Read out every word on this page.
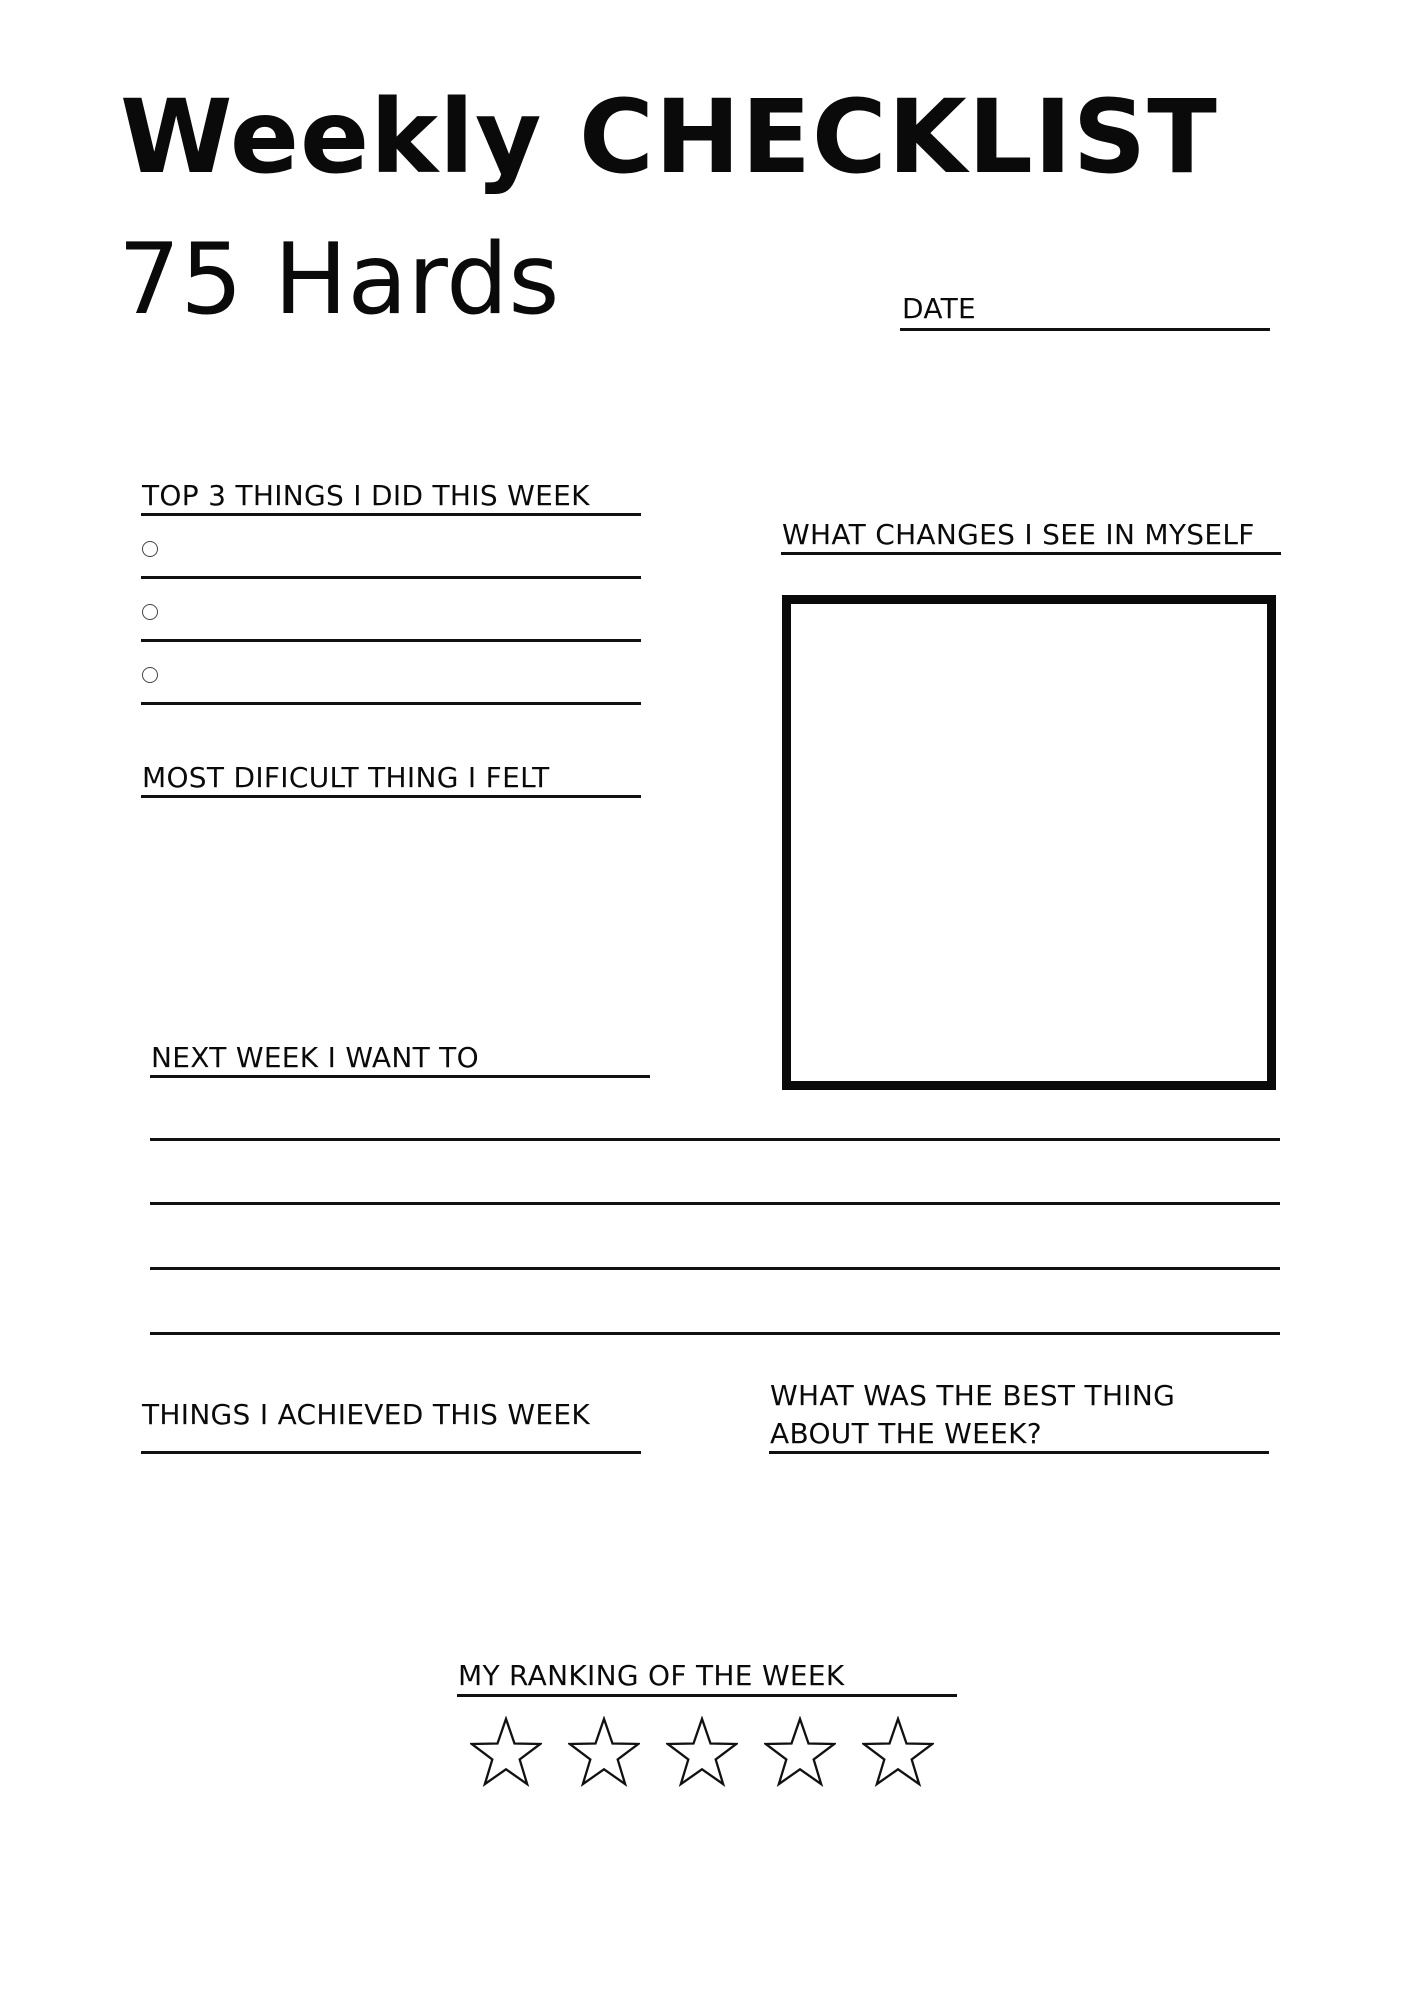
Weekly CHECKLIST
75 Hards	DATE
TOP 3 THINGS I DID THIS WEEK
WHAT CHANGES I SEE IN MYSELF
MOST DIFICULT THING I FELT
NEXT WEEK I WANT TO
THINGS I ACHIEVED THIS WEEK
WHAT WAS THE BEST THING
ABOUT THE WEEK?
MY RANKING OF THE WEEK
